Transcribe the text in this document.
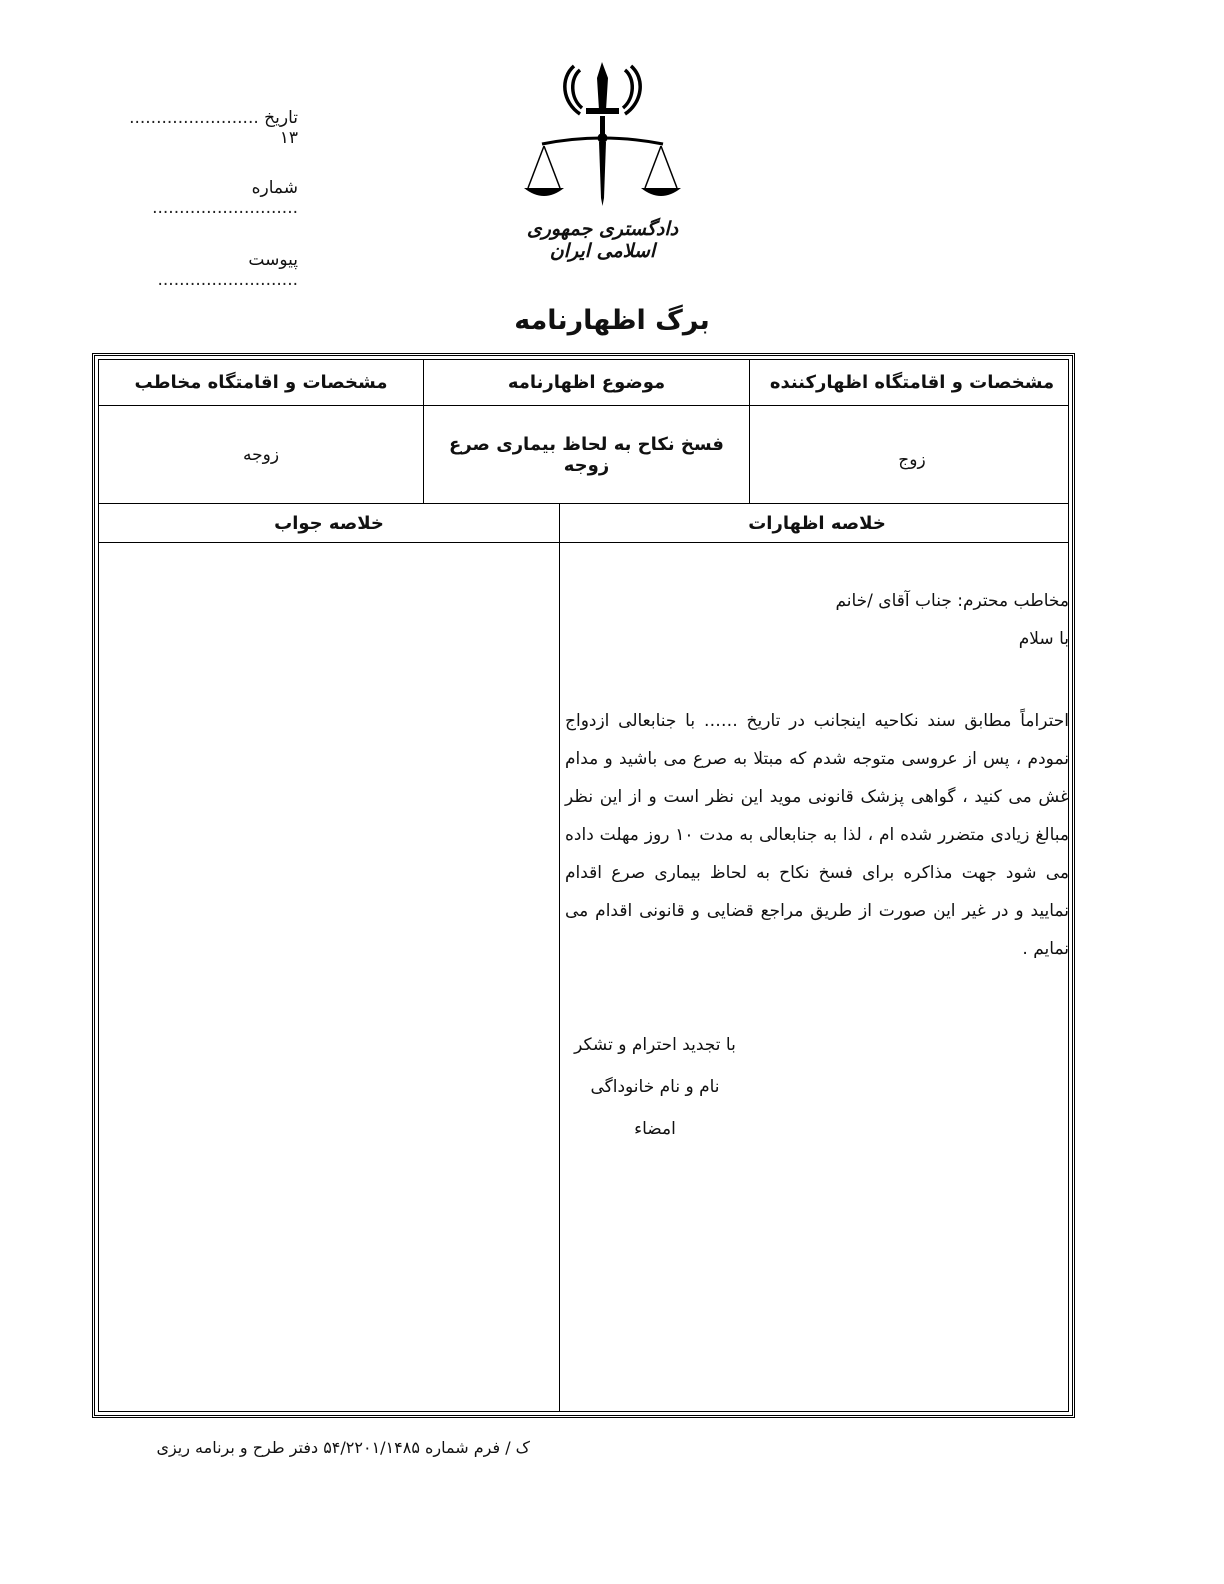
تاریخ ........................ ۱۳
شماره ...........................
پیوست ..........................
دادگستری جمهوری اسلامی ایران
برگ اظهارنامه
مشخصات و اقامتگاه اظهارکننده
موضوع اظهارنامه
مشخصات و اقامتگاه مخاطب
زوج
فسخ نکاح به لحاظ بیماری صرع زوجه
زوجه
خلاصه اظهارات
خلاصه جواب

مخاطب محترم: جناب آقای /خانم

با سلام

احتراماً مطابق سند نکاحیه اینجانب در تاریخ …… با جنابعالی ازدواج نمودم ، پس از عروسی متوجه شدم که مبتلا به صرع می باشید و مدام غش می کنید ، گواهی پزشک قانونی موید این نظر است و از این نظر مبالغ زیادی متضرر شده ام ، لذا به جنابعالی به مدت ۱۰ روز مهلت داده می شود جهت مذاکره برای فسخ نکاح به لحاظ بیماری صرع اقدام نمایید و در غیر این صورت از طریق مراجع قضایی و قانونی اقدام می نمایم .

با تجدید احترام و تشکر
نام و نام خانوداگی
امضاء
ک / فرم شماره ۵۴/۲۲۰۱/۱۴۸۵ دفتر طرح و برنامه ریزی
